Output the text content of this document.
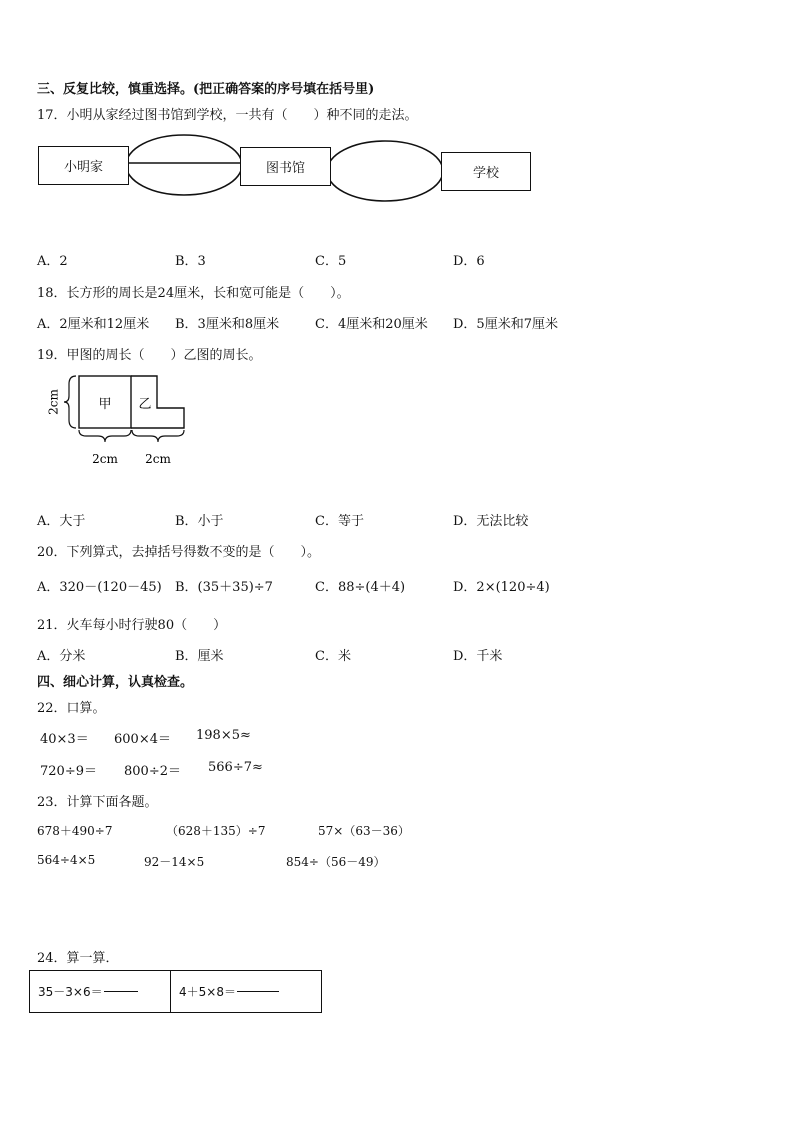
三、反复比较，慎重选择。(把正确答案的序号填在括号里)
17．小明从家经过图书馆到学校，一共有（　　）种不同的走法。
小明家	图书馆	学校
A．2	B．3	C．5	D．6
18．长方形的周长是24厘米，长和宽可能是（　　）。
A．2厘米和12厘米 B．3厘米和8厘米	C．4厘米和20厘米 D．5厘米和7厘米
19．甲图的周长（　　）乙图的周长。
甲 乙
2cm
2cm 2cm
A．大于	B．小于	C．等于	D．无法比较
20．下列算式，去掉括号得数不变的是（　　）。
A．320－(120－45) B．(35＋35)÷7	C．88÷(4＋4)	D．2×(120÷4)
21．火车每小时行驶80（　　）
A．分米	B．厘米	C．米	D．千米
四、细心计算，认真检查。
22．口算。
40×3＝ 600×4＝ 198×5≈
720÷9＝ 800÷2＝ 566÷7≈
23．计算下面各题。
678＋490÷7	（628＋135）÷7	57×（63－36）
564÷4×5	92－14×5	854÷（56－49）
24．算一算．
35－3×6＝	4＋5×8＝
